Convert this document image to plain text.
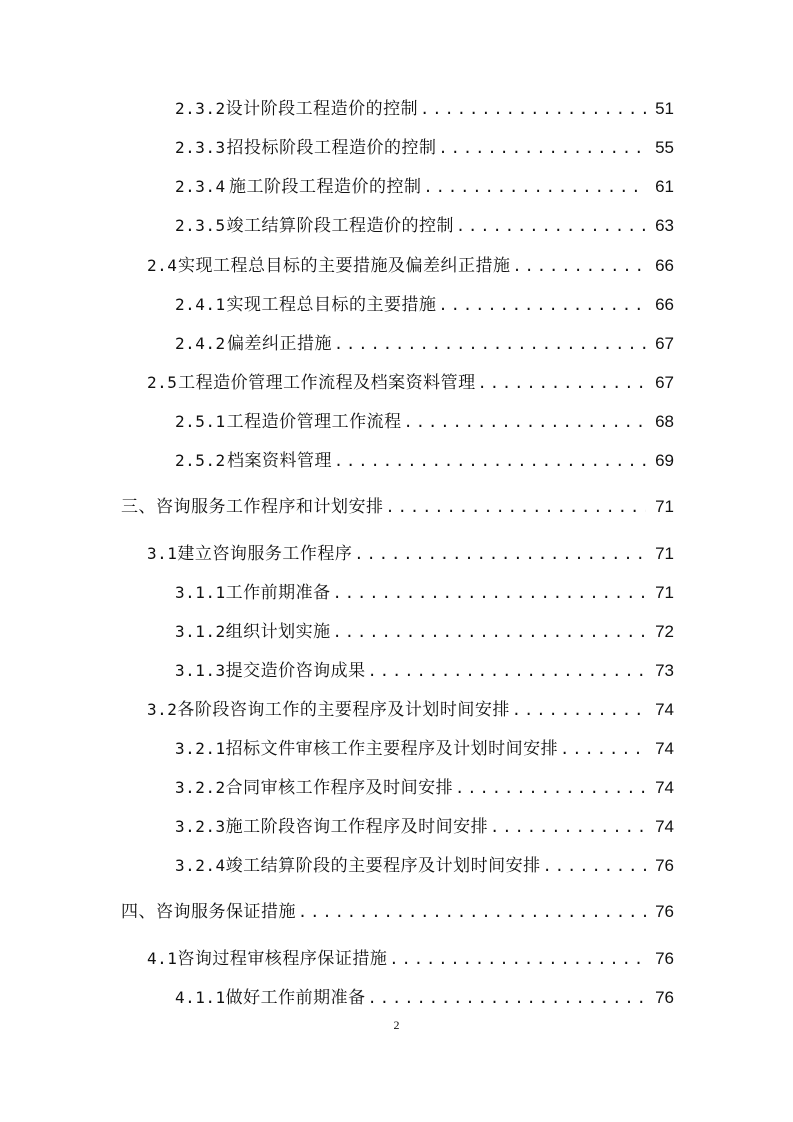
2.3.2 设计阶段工程造价的控制 .....	51
2.3.3 招投标阶段工程造价的控制 .....	55
2.3.4 施工阶段工程造价的控制 .....	61
2.3.5 竣工结算阶段工程造价的控制 .....	63
2.4 实现工程总目标的主要措施及偏差纠正措施 .....	66
2.4.1 实现工程总目标的主要措施 .....	66
2.4.2 偏差纠正措施 .....	67
2.5 工程造价管理工作流程及档案资料管理 .....	67
2.5.1 工程造价管理工作流程 .....	68
2.5.2 档案资料管理 .....	69
三、咨询服务工作程序和计划安排 .....	71
3.1 建立咨询服务工作程序 .....	71
3.1.1 工作前期准备 .....	71
3.1.2 组织计划实施 .....	72
3.1.3 提交造价咨询成果 .....	73
3.2 各阶段咨询工作的主要程序及计划时间安排 .....	74
3.2.1 招标文件审核工作主要程序及计划时间安排 .....	74
3.2.2 合同审核工作程序及时间安排 .....	74
3.2.3 施工阶段咨询工作程序及时间安排 .....	74
3.2.4 竣工结算阶段的主要程序及计划时间安排 .....	76
四、咨询服务保证措施 .....	76
4.1 咨询过程审核程序保证措施 .....	76
4.1.1 做好工作前期准备 .....	76
2
